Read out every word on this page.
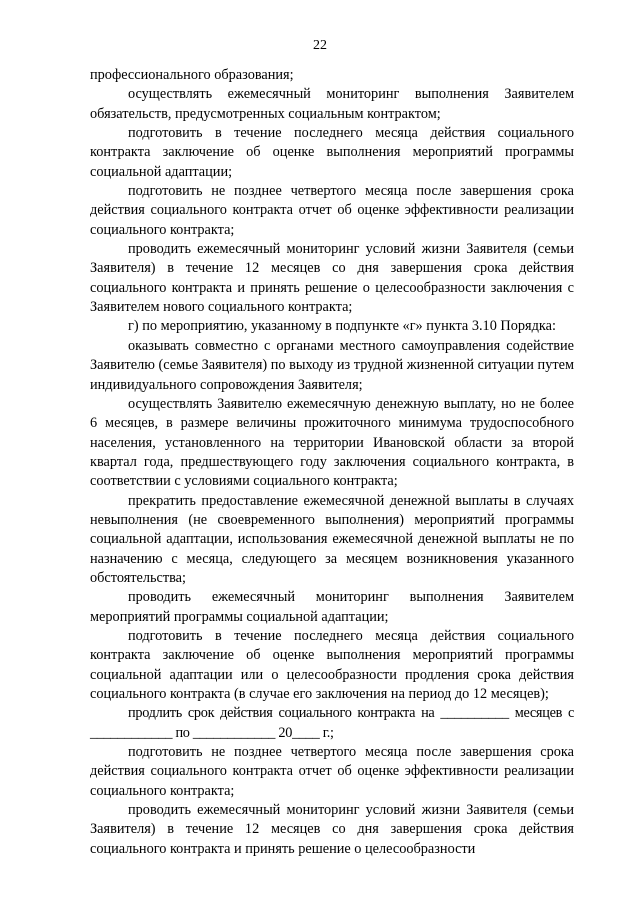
22

профессионального образования;

осуществлять ежемесячный мониторинг выполнения Заявителем обязательств, предусмотренных социальным контрактом;

подготовить в течение последнего месяца действия социального контракта заключение об оценке выполнения мероприятий программы социальной адаптации;

подготовить не позднее четвертого месяца после завершения срока действия социального контракта отчет об оценке эффективности реализации социального контракта;

проводить ежемесячный мониторинг условий жизни Заявителя (семьи Заявителя) в течение 12 месяцев со дня завершения срока действия социального контракта и принять решение о целесообразности заключения с Заявителем нового социального контракта;

г) по мероприятию, указанному в подпункте «г» пункта 3.10 Порядка:

оказывать совместно с органами местного самоуправления содействие Заявителю (семье Заявителя) по выходу из трудной жизненной ситуации путем индивидуального сопровождения Заявителя;

осуществлять Заявителю ежемесячную денежную выплату, но не более 6 месяцев, в размере величины прожиточного минимума трудоспособного населения, установленного на территории Ивановской области за второй квартал года, предшествующего году заключения социального контракта, в соответствии с условиями социального контракта;

прекратить предоставление ежемесячной денежной выплаты в случаях невыполнения (не своевременного выполнения) мероприятий программы социальной адаптации, использования ежемесячной денежной выплаты не по назначению с месяца, следующего за месяцем возникновения указанного обстоятельства;

проводить ежемесячный мониторинг выполнения Заявителем мероприятий программы социальной адаптации;

подготовить в течение последнего месяца действия социального контракта заключение об оценке выполнения мероприятий программы социальной адаптации или о целесообразности продления срока действия социального контракта (в случае его заключения на период до 12 месяцев);

продлить срок действия социального контракта на __________ месяцев с ____________ по ____________ 20____ г.;

подготовить не позднее четвертого месяца после завершения срока действия социального контракта отчет об оценке эффективности реализации социального контракта;

проводить ежемесячный мониторинг условий жизни Заявителя (семьи Заявителя) в течение 12 месяцев со дня завершения срока действия социального контракта и принять решение о целесообразности
